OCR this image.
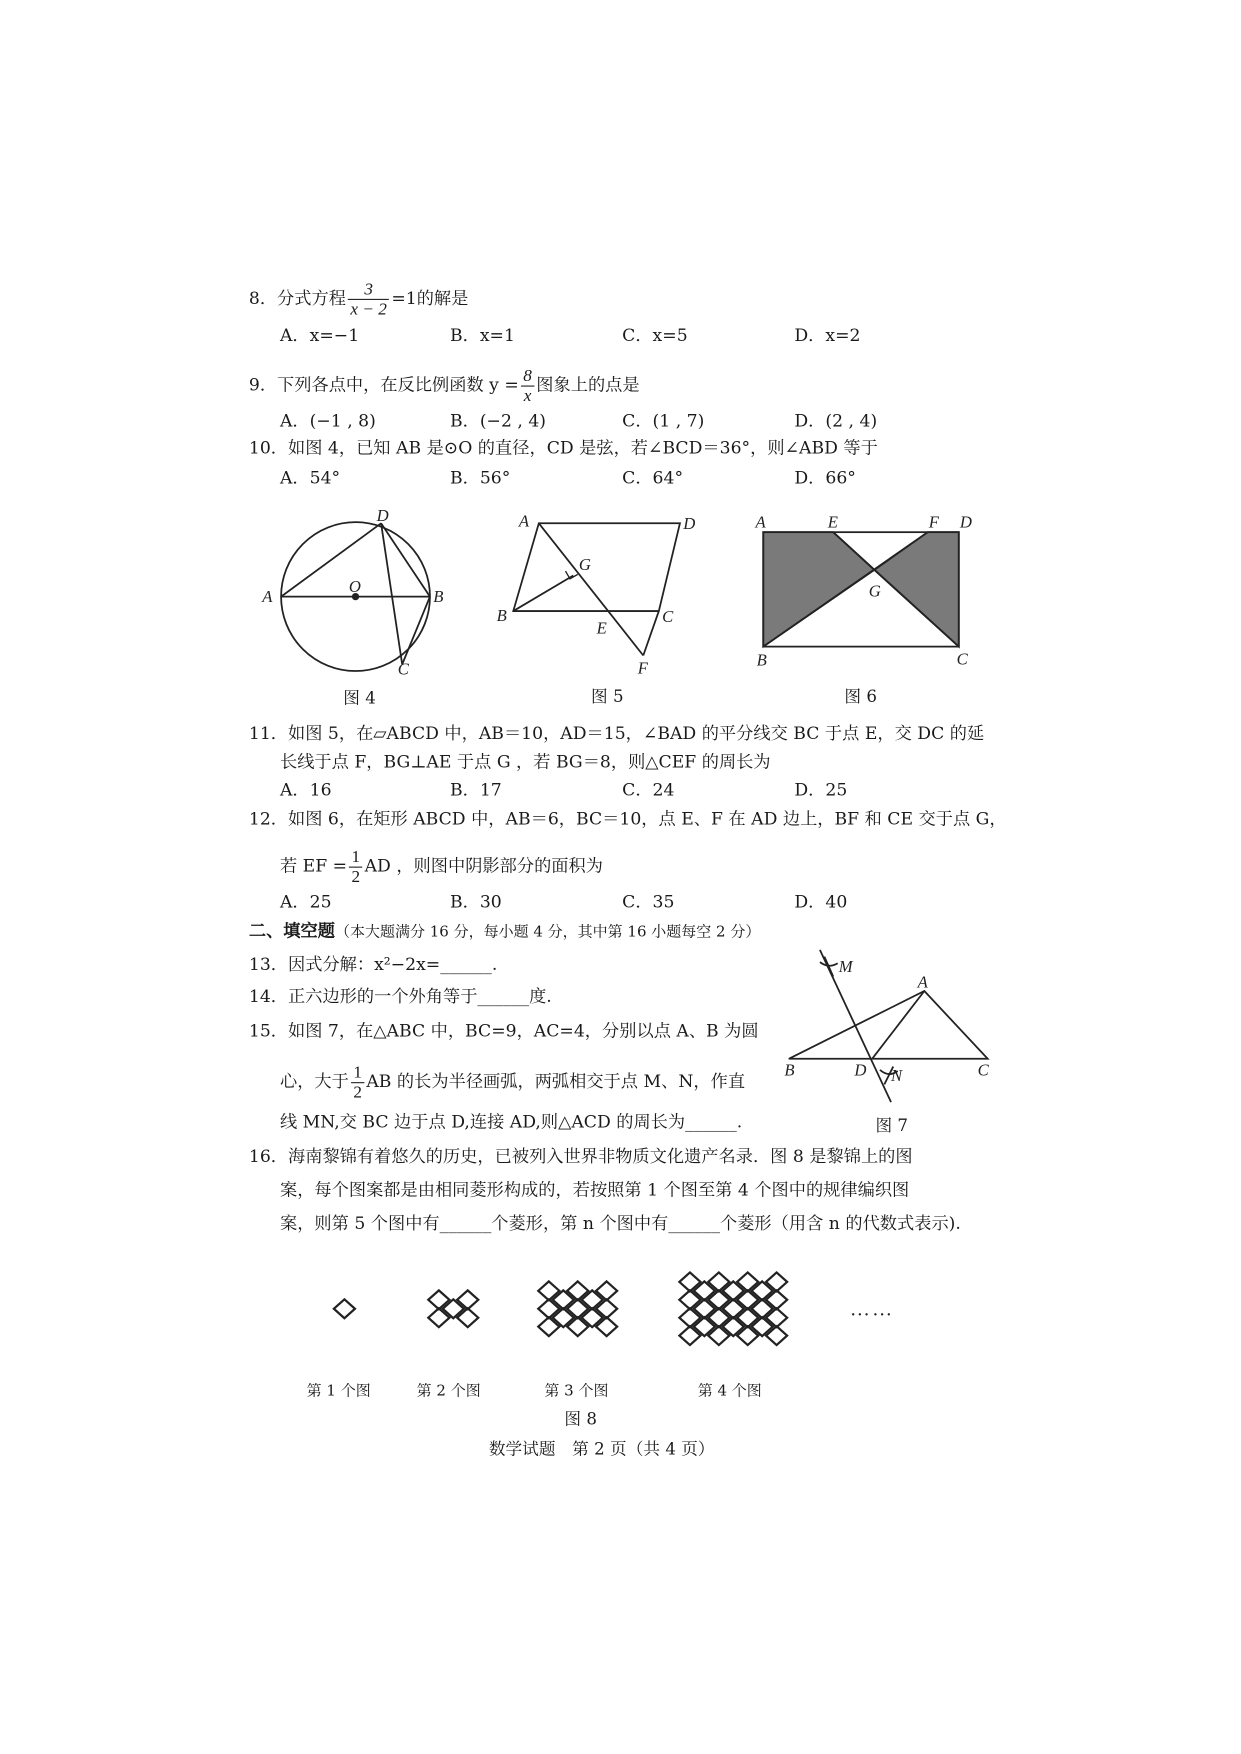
8．分式方程 $\frac{3}{x - 2} =1$的解是
A．x=−1	B．x=1	C．x=5	D．x=2
9．下列各点中，在反比例函数 $y = \frac{8}{x}$ 图象上的点是
A．(−1 , 8)	B．(−2 , 4)	C．(1 , 7)	D．(2 , 4)
10．如图 4，已知 AB 是⊙O 的直径，CD 是弦，若∠BCD＝36°，则∠ABD 等于
A．54°	B．56°	C．64°	D．66°
A	B
C
D
O
A	D
B	C
E
F
G
A	E	F D
B	C
G
M
A
B	D N	C
……
图 4	图 5	图 6
11．如图 5，在▱ABCD 中，AB＝10，AD＝15，∠BAD 的平分线交 BC 于点 E，交 DC 的延
长线于点 F，BG⊥AE 于点 G ，若 BG＝8，则△CEF 的周长为
A．16	B．17	C．24	D．25
12．如图 6，在矩形 ABCD 中，AB＝6，BC＝10，点 E、F 在 AD 边上，BF 和 CE 交于点 G，
若 EF = $\frac{1}{2}$ AD ，则图中阴影部分的面积为
A．25	B．30	C．35	D．40
二、填空题（本大题满分 16 分，每小题 4 分，其中第 16 小题每空 2 分）
13．因式分解：x²−2x=______.
14．正六边形的一个外角等于______度.
15．如图 7，在△ABC 中，BC=9，AC=4，分别以点 A、B 为圆
心，大于 $\frac{1}{2}$ AB 的长为半径画弧，两弧相交于点 M、N，作直
线 MN,交 BC 边于点 D,连接 AD,则△ACD 的周长为______.	图 7
16．海南黎锦有着悠久的历史，已被列入世界非物质文化遗产名录．图 8 是黎锦上的图
案，每个图案都是由相同菱形构成的，若按照第 1 个图至第 4 个图中的规律编织图
案，则第 5 个图中有______个菱形，第 n 个图中有______个菱形（用含 n 的代数式表示).
第 1 个图	第 2 个图	第 3 个图	第 4 个图
图 8
数学试题　第 2 页（共 4 页）
